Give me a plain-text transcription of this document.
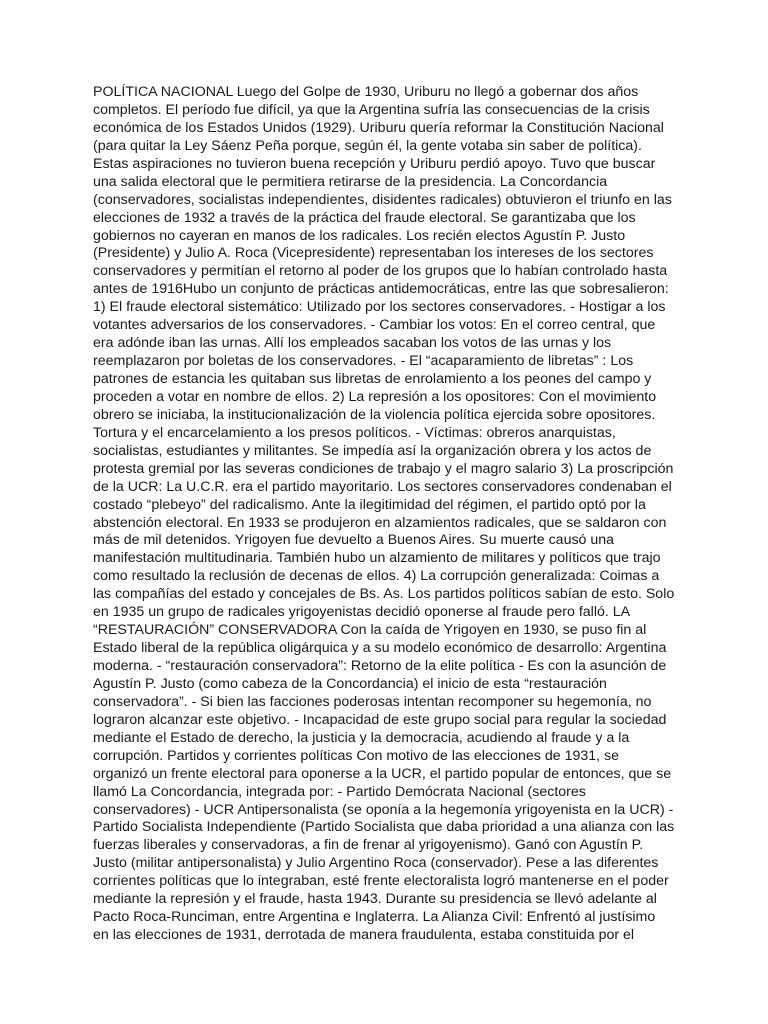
POLÍTICA NACIONAL Luego del Golpe de 1930, Uriburu no llegó a gobernar dos años
completos. El período fue difícil, ya que la Argentina sufría las consecuencias de la crisis
económica de los Estados Unidos (1929). Uriburu quería reformar la Constitución Nacional
(para quitar la Ley Sáenz Peña porque, según él, la gente votaba sin saber de política).
Estas aspiraciones no tuvieron buena recepción y Uriburu perdió apoyo. Tuvo que buscar
una salida electoral que le permitiera retirarse de la presidencia. La Concordancia
(conservadores, socialistas independientes, disidentes radicales) obtuvieron el triunfo en las
elecciones de 1932 a través de la práctica del fraude electoral. Se garantizaba que los
gobiernos no cayeran en manos de los radicales. Los recién electos Agustín P. Justo
(Presidente) y Julio A. Roca (Vicepresidente) representaban los intereses de los sectores
conservadores y permitían el retorno al poder de los grupos que lo habían controlado hasta
antes de 1916Hubo un conjunto de prácticas antidemocráticas, entre las que sobresalieron:
1) El fraude electoral sistemático: Utilizado por los sectores conservadores. - Hostigar a los
votantes adversarios de los conservadores. - Cambiar los votos: En el correo central, que
era adónde iban las urnas. Allí los empleados sacaban los votos de las urnas y los
reemplazaron por boletas de los conservadores. - El “acaparamiento de libretas” : Los
patrones de estancia les quitaban sus libretas de enrolamiento a los peones del campo y
proceden a votar en nombre de ellos. 2) La represión a los opositores: Con el movimiento
obrero se iniciaba, la institucionalización de la violencia política ejercida sobre opositores.
Tortura y el encarcelamiento a los presos políticos. - Víctimas: obreros anarquistas,
socialistas, estudiantes y militantes. Se impedía así la organización obrera y los actos de
protesta gremial por las severas condiciones de trabajo y el magro salario 3) La proscripción
de la UCR: La U.C.R. era el partido mayoritario. Los sectores conservadores condenaban el
costado “plebeyo” del radicalismo. Ante la ilegitimidad del régimen, el partido optó por la
abstención electoral. En 1933 se produjeron en alzamientos radicales, que se saldaron con
más de mil detenidos. Yrigoyen fue devuelto a Buenos Aires. Su muerte causó una
manifestación multitudinaria. También hubo un alzamiento de militares y políticos que trajo
como resultado la reclusión de decenas de ellos. 4) La corrupción generalizada: Coimas a
las compañías del estado y concejales de Bs. As. Los partidos políticos sabían de esto. Solo
en 1935 un grupo de radicales yrigoyenistas decidió oponerse al fraude pero falló. LA
“RESTAURACIÓN” CONSERVADORA Con la caída de Yrigoyen en 1930, se puso fin al
Estado liberal de la república oligárquica y a su modelo económico de desarrollo: Argentina
moderna. - “restauración conservadora”: Retorno de la elite política - Es con la asunción de
Agustín P. Justo (como cabeza de la Concordancia) el inicio de esta “restauración
conservadora”. - Si bien las facciones poderosas intentan recomponer su hegemonía, no
lograron alcanzar este objetivo. - Incapacidad de este grupo social para regular la sociedad
mediante el Estado de derecho, la justicia y la democracia, acudiendo al fraude y a la
corrupción. Partidos y corrientes políticas Con motivo de las elecciones de 1931, se
organizó un frente electoral para oponerse a la UCR, el partido popular de entonces, que se
llamó La Concordancia, integrada por: - Partido Demócrata Nacional (sectores
conservadores) - UCR Antipersonalista (se oponía a la hegemonía yrigoyenista en la UCR) -
Partido Socialista Independiente (Partido Socialista que daba prioridad a una alianza con las
fuerzas liberales y conservadoras, a fin de frenar al yrigoyenismo). Ganó con Agustín P.
Justo (militar antipersonalista) y Julio Argentino Roca (conservador). Pese a las diferentes
corrientes políticas que lo integraban, esté frente electoralista logró mantenerse en el poder
mediante la represión y el fraude, hasta 1943. Durante su presidencia se llevó adelante al
Pacto Roca-Runciman, entre Argentina e Inglaterra. La Alianza Civil: Enfrentó al justísimo
en las elecciones de 1931, derrotada de manera fraudulenta, estaba constituida por el
